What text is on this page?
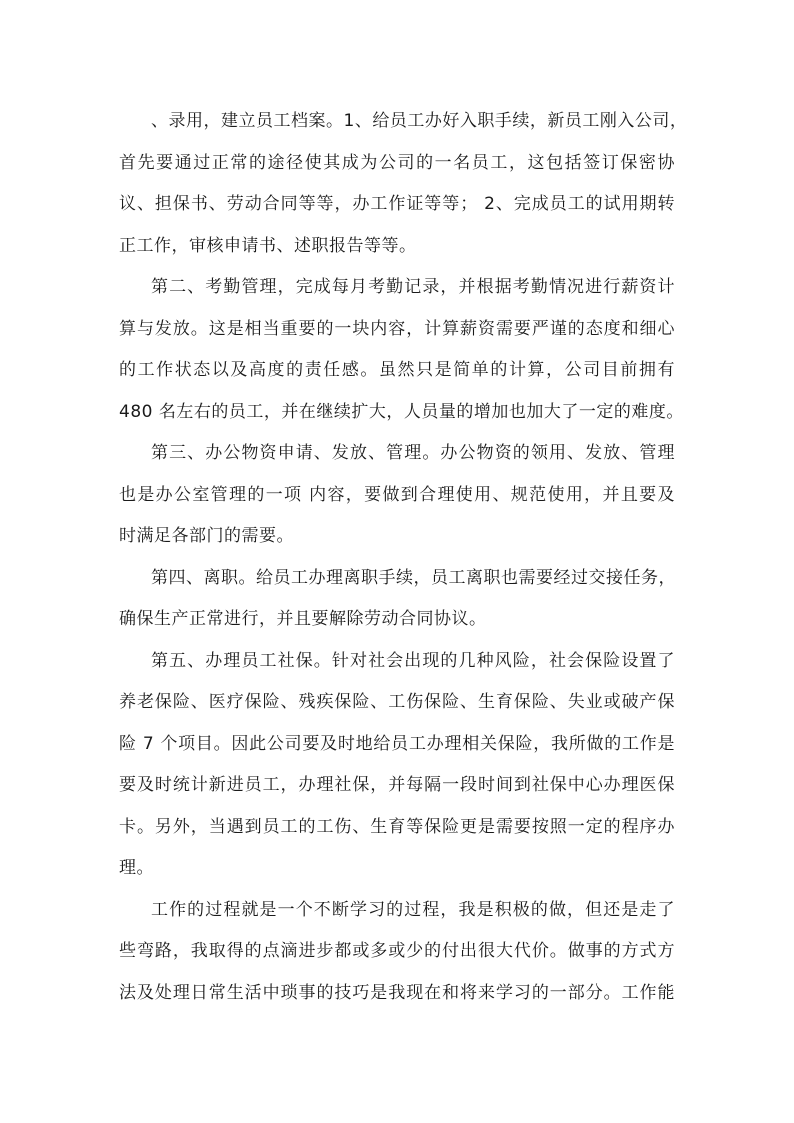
、录用，建立员工档案。1、给员工办好入职手续，新员工刚入公司，
首先要通过正常的途径使其成为公司的一名员工，这包括签订保密协
议、担保书、劳动合同等等，办工作证等等； 2、完成员工的试用期转
正工作，审核申请书、述职报告等等。
第二、考勤管理，完成每月考勤记录，并根据考勤情况进行薪资计
算与发放。这是相当重要的一块内容，计算薪资需要严谨的态度和细心
的工作状态以及高度的责任感。虽然只是简单的计算，公司目前拥有
480 名左右的员工，并在继续扩大，人员量的增加也加大了一定的难度。
第三、办公物资申请、发放、管理。办公物资的领用、发放、管理
也是办公室管理的一项 内容，要做到合理使用、规范使用，并且要及
时满足各部门的需要。
第四、离职。给员工办理离职手续，员工离职也需要经过交接任务，
确保生产正常进行，并且要解除劳动合同协议。
第五、办理员工社保。针对社会出现的几种风险，社会保险设置了
养老保险、医疗保险、残疾保险、工伤保险、生育保险、失业或破产保
险 7 个项目。因此公司要及时地给员工办理相关保险，我所做的工作是
要及时统计新进员工，办理社保，并每隔一段时间到社保中心办理医保
卡。另外，当遇到员工的工伤、生育等保险更是需要按照一定的程序办
理。
工作的过程就是一个不断学习的过程，我是积极的做，但还是走了
些弯路，我取得的点滴进步都或多或少的付出很大代价。做事的方式方
法及处理日常生活中琐事的技巧是我现在和将来学习的一部分。工作能
